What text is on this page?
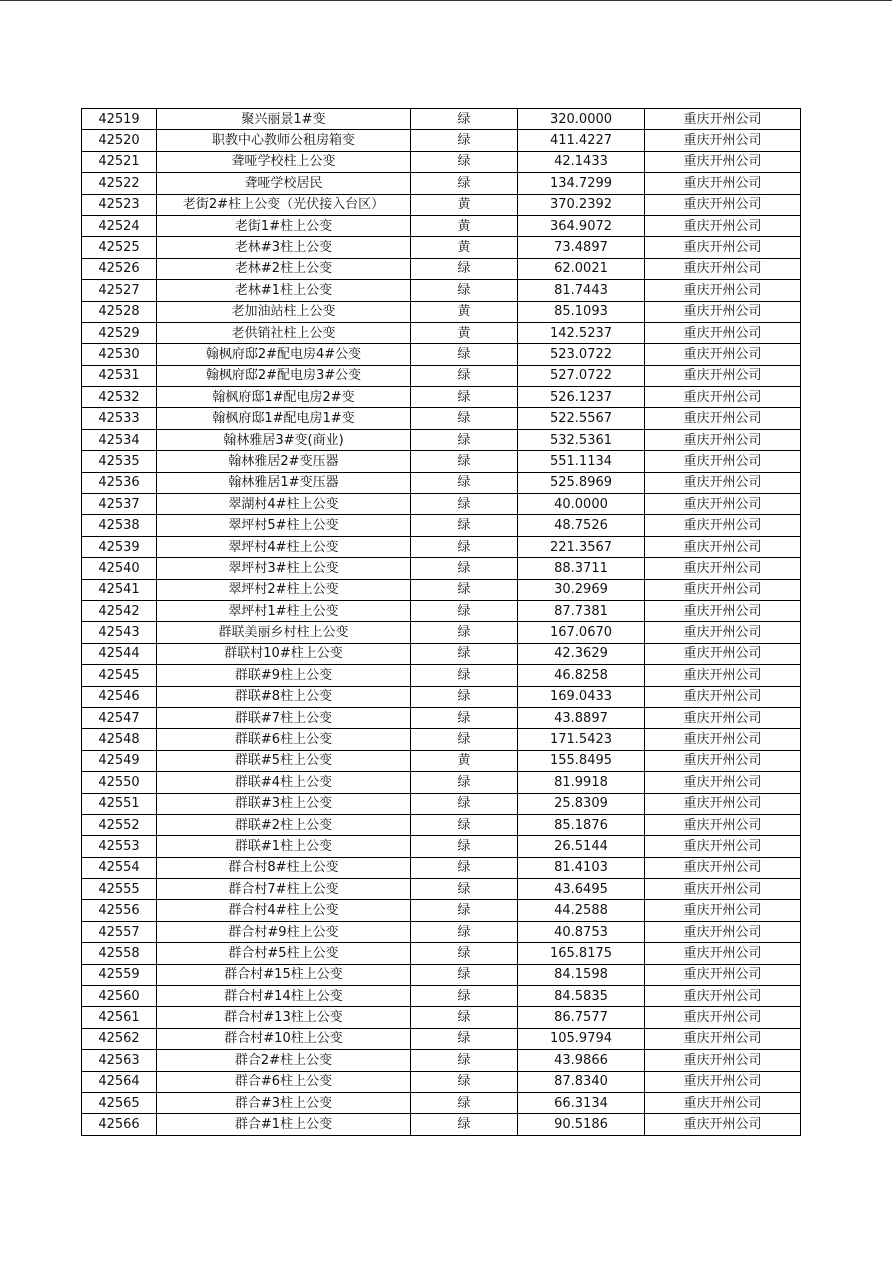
42519	聚兴丽景1#变	绿	320.0000	重庆开州公司
42520	职教中心教师公租房箱变	绿	411.4227	重庆开州公司
42521	聋哑学校柱上公变	绿	42.1433	重庆开州公司
42522	聋哑学校居民	绿	134.7299	重庆开州公司
42523	老街2#柱上公变（光伏接入台区）	黄	370.2392	重庆开州公司
42524	老街1#柱上公变	黄	364.9072	重庆开州公司
42525	老林#3柱上公变	黄	73.4897	重庆开州公司
42526	老林#2柱上公变	绿	62.0021	重庆开州公司
42527	老林#1柱上公变	绿	81.7443	重庆开州公司
42528	老加油站柱上公变	黄	85.1093	重庆开州公司
42529	老供销社柱上公变	黄	142.5237	重庆开州公司
42530	翰枫府邸2#配电房4#公变	绿	523.0722	重庆开州公司
42531	翰枫府邸2#配电房3#公变	绿	527.0722	重庆开州公司
42532	翰枫府邸1#配电房2#变	绿	526.1237	重庆开州公司
42533	翰枫府邸1#配电房1#变	绿	522.5567	重庆开州公司
42534	翰林雅居3#变(商业)	绿	532.5361	重庆开州公司
42535	翰林雅居2#变压器	绿	551.1134	重庆开州公司
42536	翰林雅居1#变压器	绿	525.8969	重庆开州公司
42537	翠湖村4#柱上公变	绿	40.0000	重庆开州公司
42538	翠坪村5#柱上公变	绿	48.7526	重庆开州公司
42539	翠坪村4#柱上公变	绿	221.3567	重庆开州公司
42540	翠坪村3#柱上公变	绿	88.3711	重庆开州公司
42541	翠坪村2#柱上公变	绿	30.2969	重庆开州公司
42542	翠坪村1#柱上公变	绿	87.7381	重庆开州公司
42543	群联美丽乡村柱上公变	绿	167.0670	重庆开州公司
42544	群联村10#柱上公变	绿	42.3629	重庆开州公司
42545	群联#9柱上公变	绿	46.8258	重庆开州公司
42546	群联#8柱上公变	绿	169.0433	重庆开州公司
42547	群联#7柱上公变	绿	43.8897	重庆开州公司
42548	群联#6柱上公变	绿	171.5423	重庆开州公司
42549	群联#5柱上公变	黄	155.8495	重庆开州公司
42550	群联#4柱上公变	绿	81.9918	重庆开州公司
42551	群联#3柱上公变	绿	25.8309	重庆开州公司
42552	群联#2柱上公变	绿	85.1876	重庆开州公司
42553	群联#1柱上公变	绿	26.5144	重庆开州公司
42554	群合村8#柱上公变	绿	81.4103	重庆开州公司
42555	群合村7#柱上公变	绿	43.6495	重庆开州公司
42556	群合村4#柱上公变	绿	44.2588	重庆开州公司
42557	群合村#9柱上公变	绿	40.8753	重庆开州公司
42558	群合村#5柱上公变	绿	165.8175	重庆开州公司
42559	群合村#15柱上公变	绿	84.1598	重庆开州公司
42560	群合村#14柱上公变	绿	84.5835	重庆开州公司
42561	群合村#13柱上公变	绿	86.7577	重庆开州公司
42562	群合村#10柱上公变	绿	105.9794	重庆开州公司
42563	群合2#柱上公变	绿	43.9866	重庆开州公司
42564	群合#6柱上公变	绿	87.8340	重庆开州公司
42565	群合#3柱上公变	绿	66.3134	重庆开州公司
42566	群合#1柱上公变	绿	90.5186	重庆开州公司
